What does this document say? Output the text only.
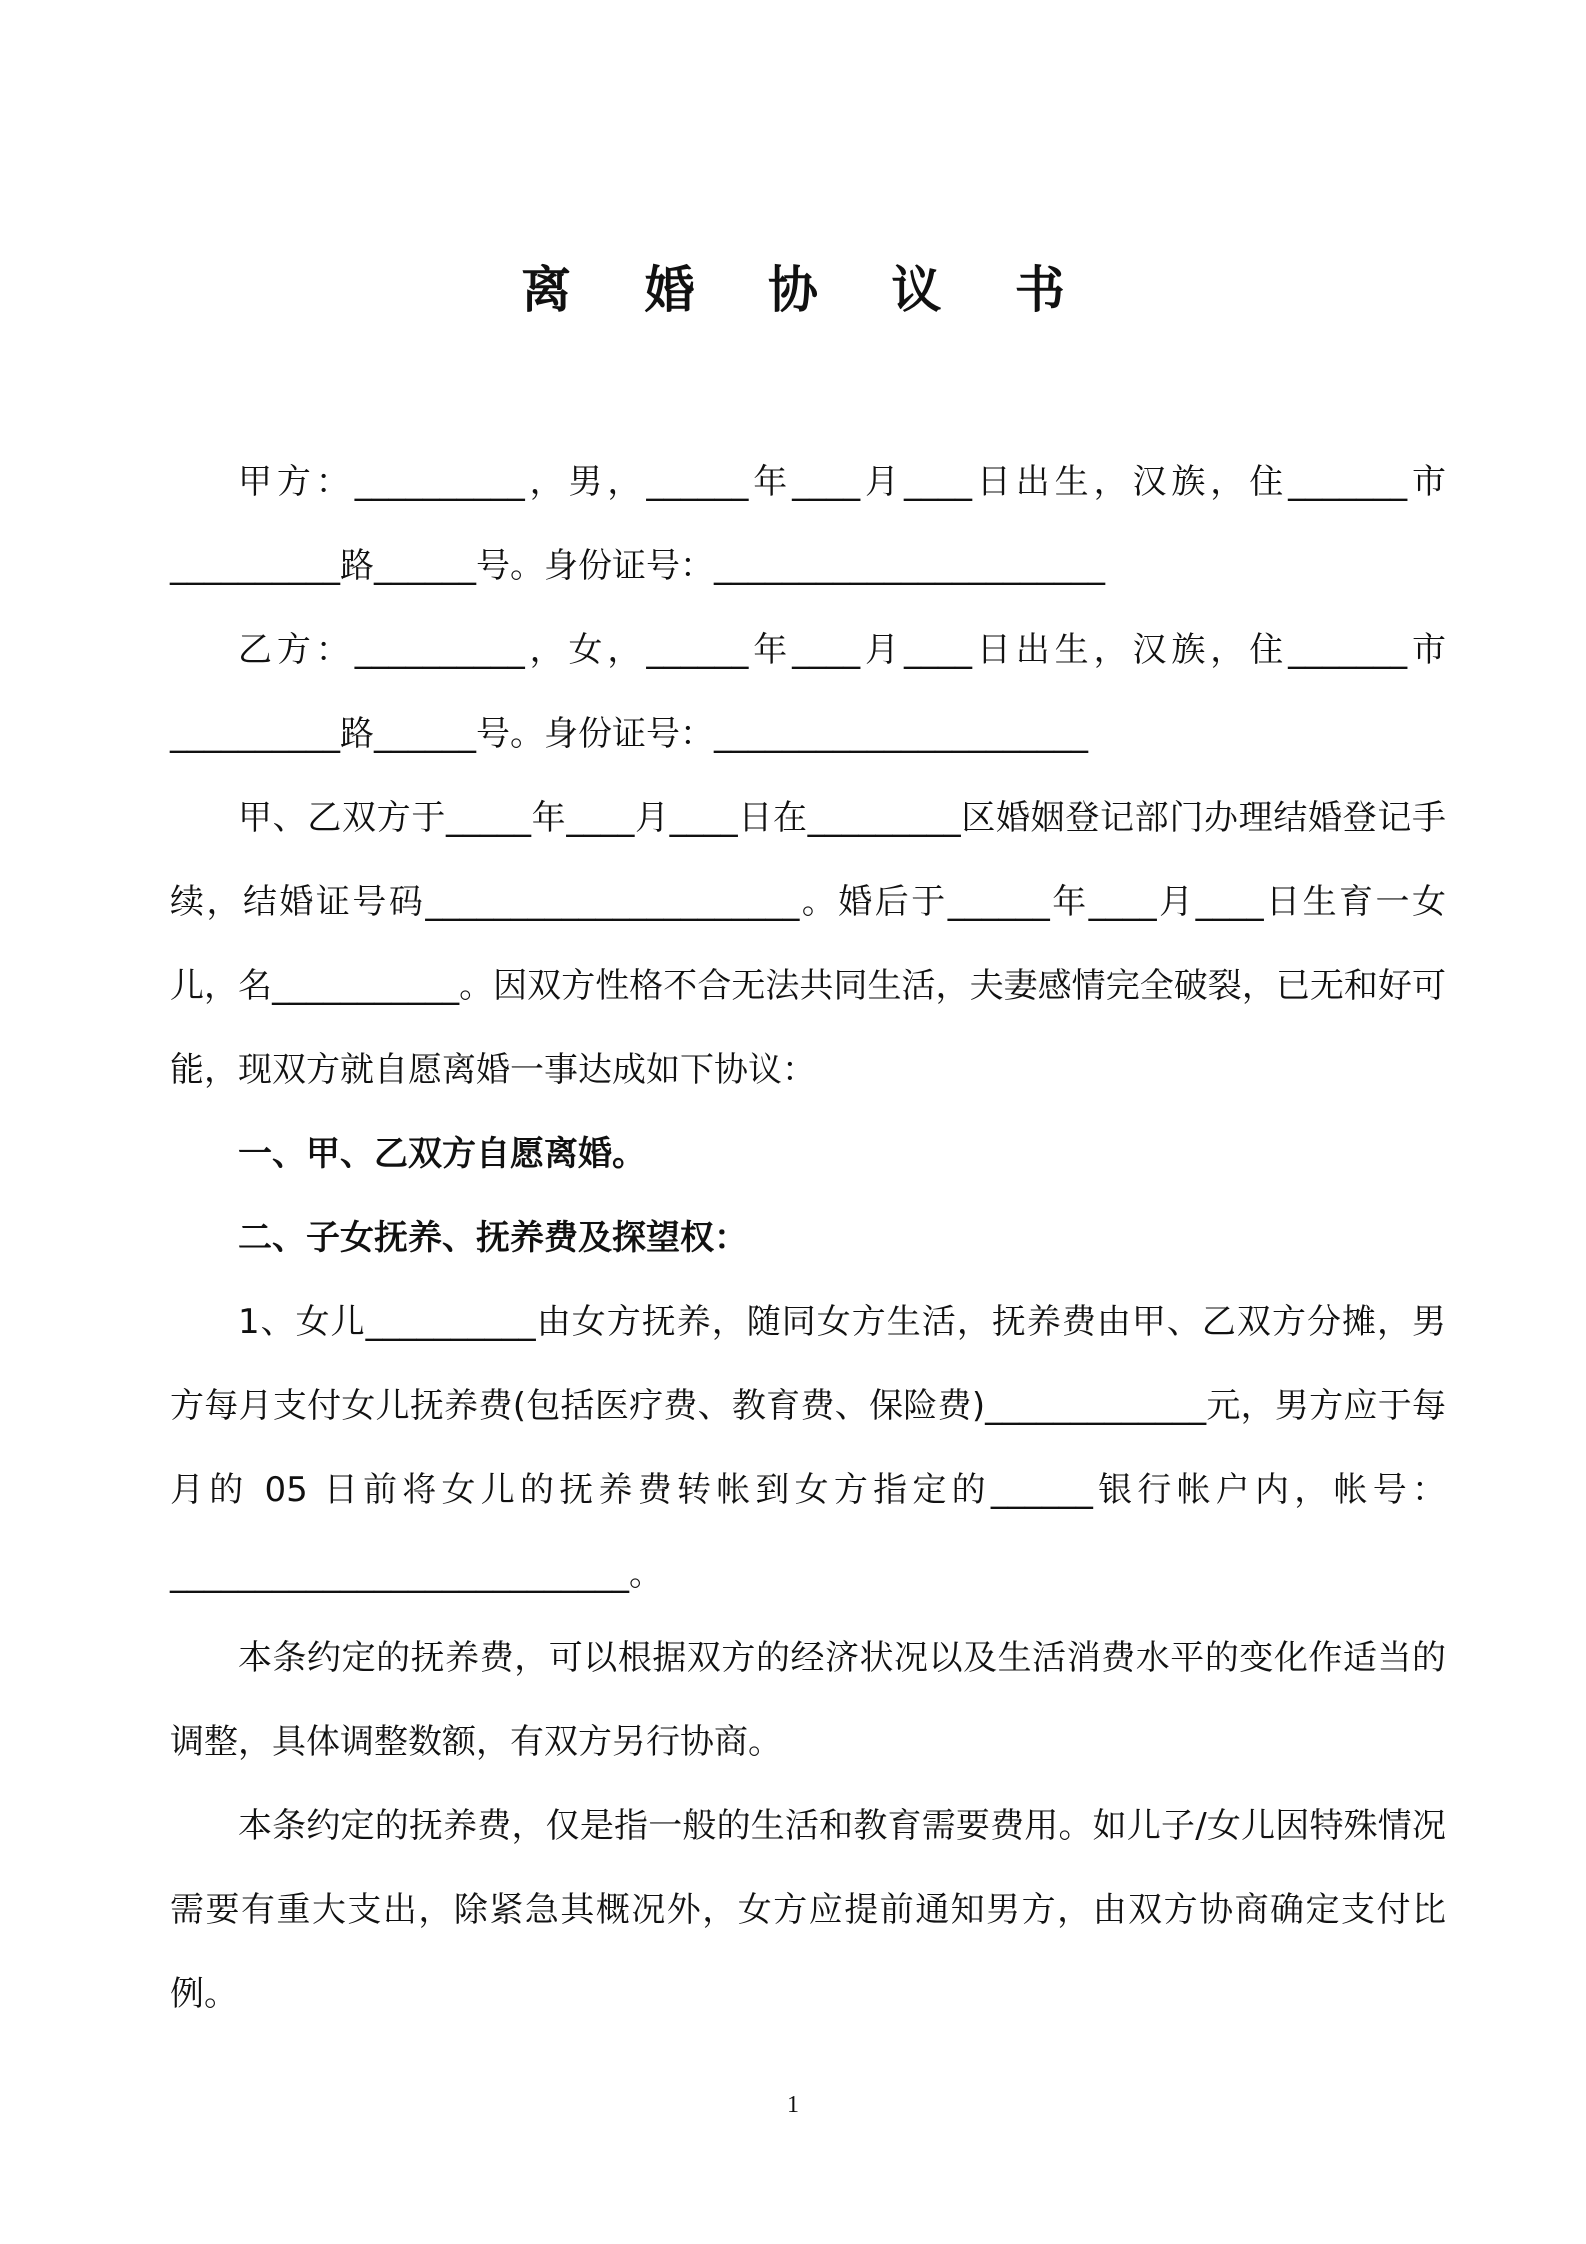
离 婚 协 议 书

甲方：__________，男，______年____月____日出生，汉族，住_______市__________路______号。身份证号：_______________________

乙方：__________，女，______年____月____日出生，汉族，住_______市__________路______号。身份证号：______________________

甲、乙双方于_____年____月____日在_________区婚姻登记部门办理结婚登记手续，结婚证号码______________________。婚后于______年____月____日生育一女儿，名___________。因双方性格不合无法共同生活，夫妻感情完全破裂，已无和好可能，现双方就自愿离婚一事达成如下协议：

一、甲、乙双方自愿离婚。

二、子女抚养、抚养费及探望权：

1、女儿__________由女方抚养，随同女方生活，抚养费由甲、乙双方分摊，男方每月支付女儿抚养费(包括医疗费、教育费、保险费)_____________元，男方应于每月的 05 日前将女儿的抚养费转帐到女方指定的______银行帐户内，帐号：___________________________。

本条约定的抚养费，可以根据双方的经济状况以及生活消费水平的变化作适当的调整，具体调整数额，有双方另行协商。

本条约定的抚养费，仅是指一般的生活和教育需要费用。如儿子/女儿因特殊情况需要有重大支出，除紧急其概况外，女方应提前通知男方，由双方协商确定支付比例。

1
